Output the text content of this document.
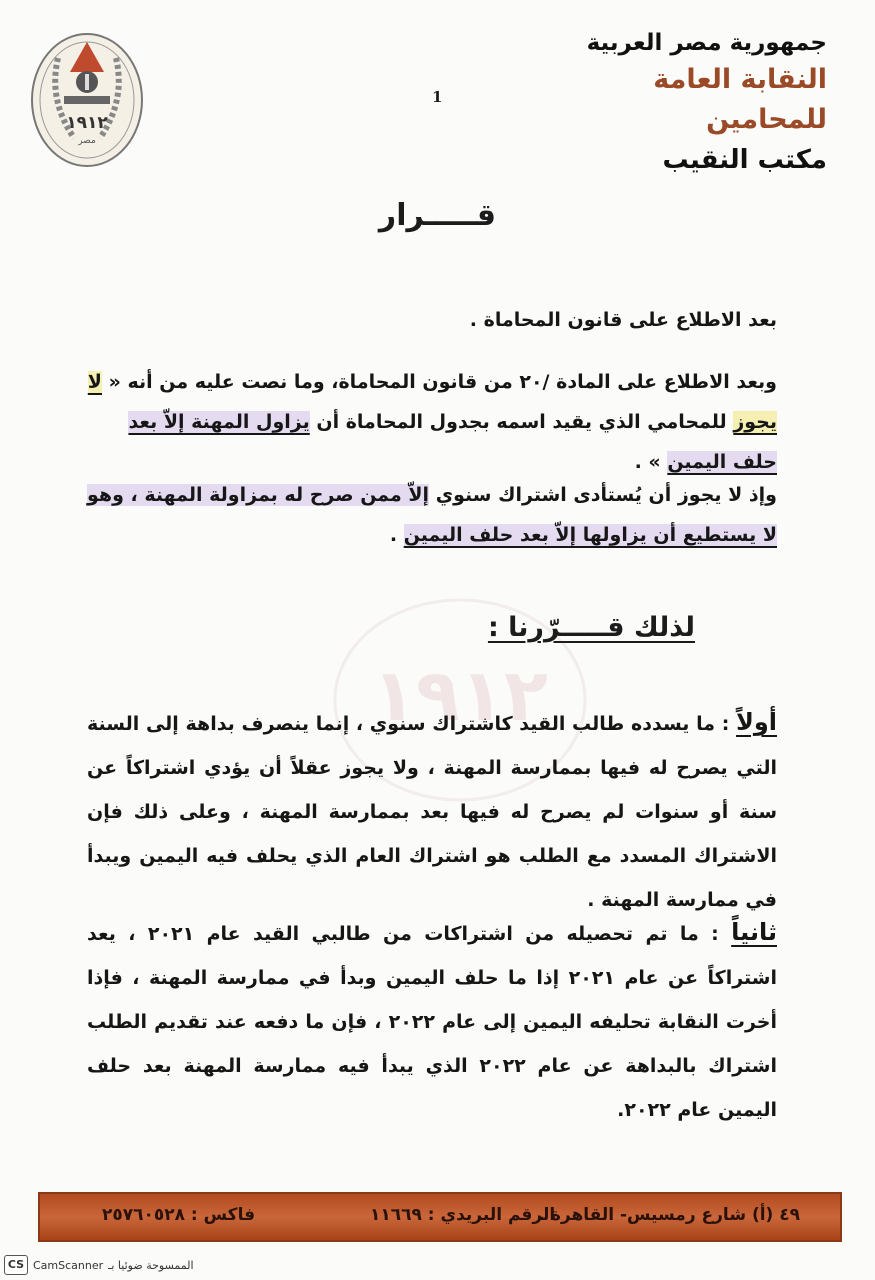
١٩١٢
مصر
١٩١٢
جمهورية مصر العربية
النقابة العامة للمحامين
مكتب النقيب
1
قـــــرار
بعد الاطلاع على قانون المحاماة .
وبعد الاطلاع على المادة /٢٠ من قانون المحاماة، وما نصت عليه من أنه « لا يجوز للمحامي الذي يقيد اسمه بجدول المحاماة أن يزاول المهنة إلاّ بعد حلف اليمين » .
وإذ لا يجوز أن يُستأدى اشتراك سنوي إلاّ ممن صرح له بمزاولة المهنة ، وهو لا يستطيع أن يزاولها إلاّ بعد حلف اليمين .
لذلك قـــــرّرنا :
أولاً : ما يسدده طالب القيد كاشتراك سنوي ، إنما ينصرف بداهة إلى السنة التي يصرح له فيها بممارسة المهنة ، ولا يجوز عقلاً أن يؤدي اشتراكاً عن سنة أو سنوات لم يصرح له فيها بعد بممارسة المهنة ، وعلى ذلك فإن الاشتراك المسدد مع الطلب هو اشتراك العام الذي يحلف فيه اليمين ويبدأ في ممارسة المهنة .
ثانياً : ما تم تحصيله من اشتراكات من طالبي القيد عام ٢٠٢١ ، يعد اشتراكاً عن عام ٢٠٢١ إذا ما حلف اليمين وبدأ في ممارسة المهنة ، فإذا أخرت النقابة تحليفه اليمين إلى عام ٢٠٢٢ ، فإن ما دفعه عند تقديم الطلب اشتراك بالبداهة عن عام ٢٠٢٢ الذي يبدأ فيه ممارسة المهنة بعد حلف اليمين عام ٢٠٢٢.
٤٩ (أ) شارع رمسيس- القاهرة .
الرقم البريدي : ١١٦٦٩
فاكس : ٢٥٧٦٠٥٢٨
CS CamScanner الممسوحة ضوئيا بـ
